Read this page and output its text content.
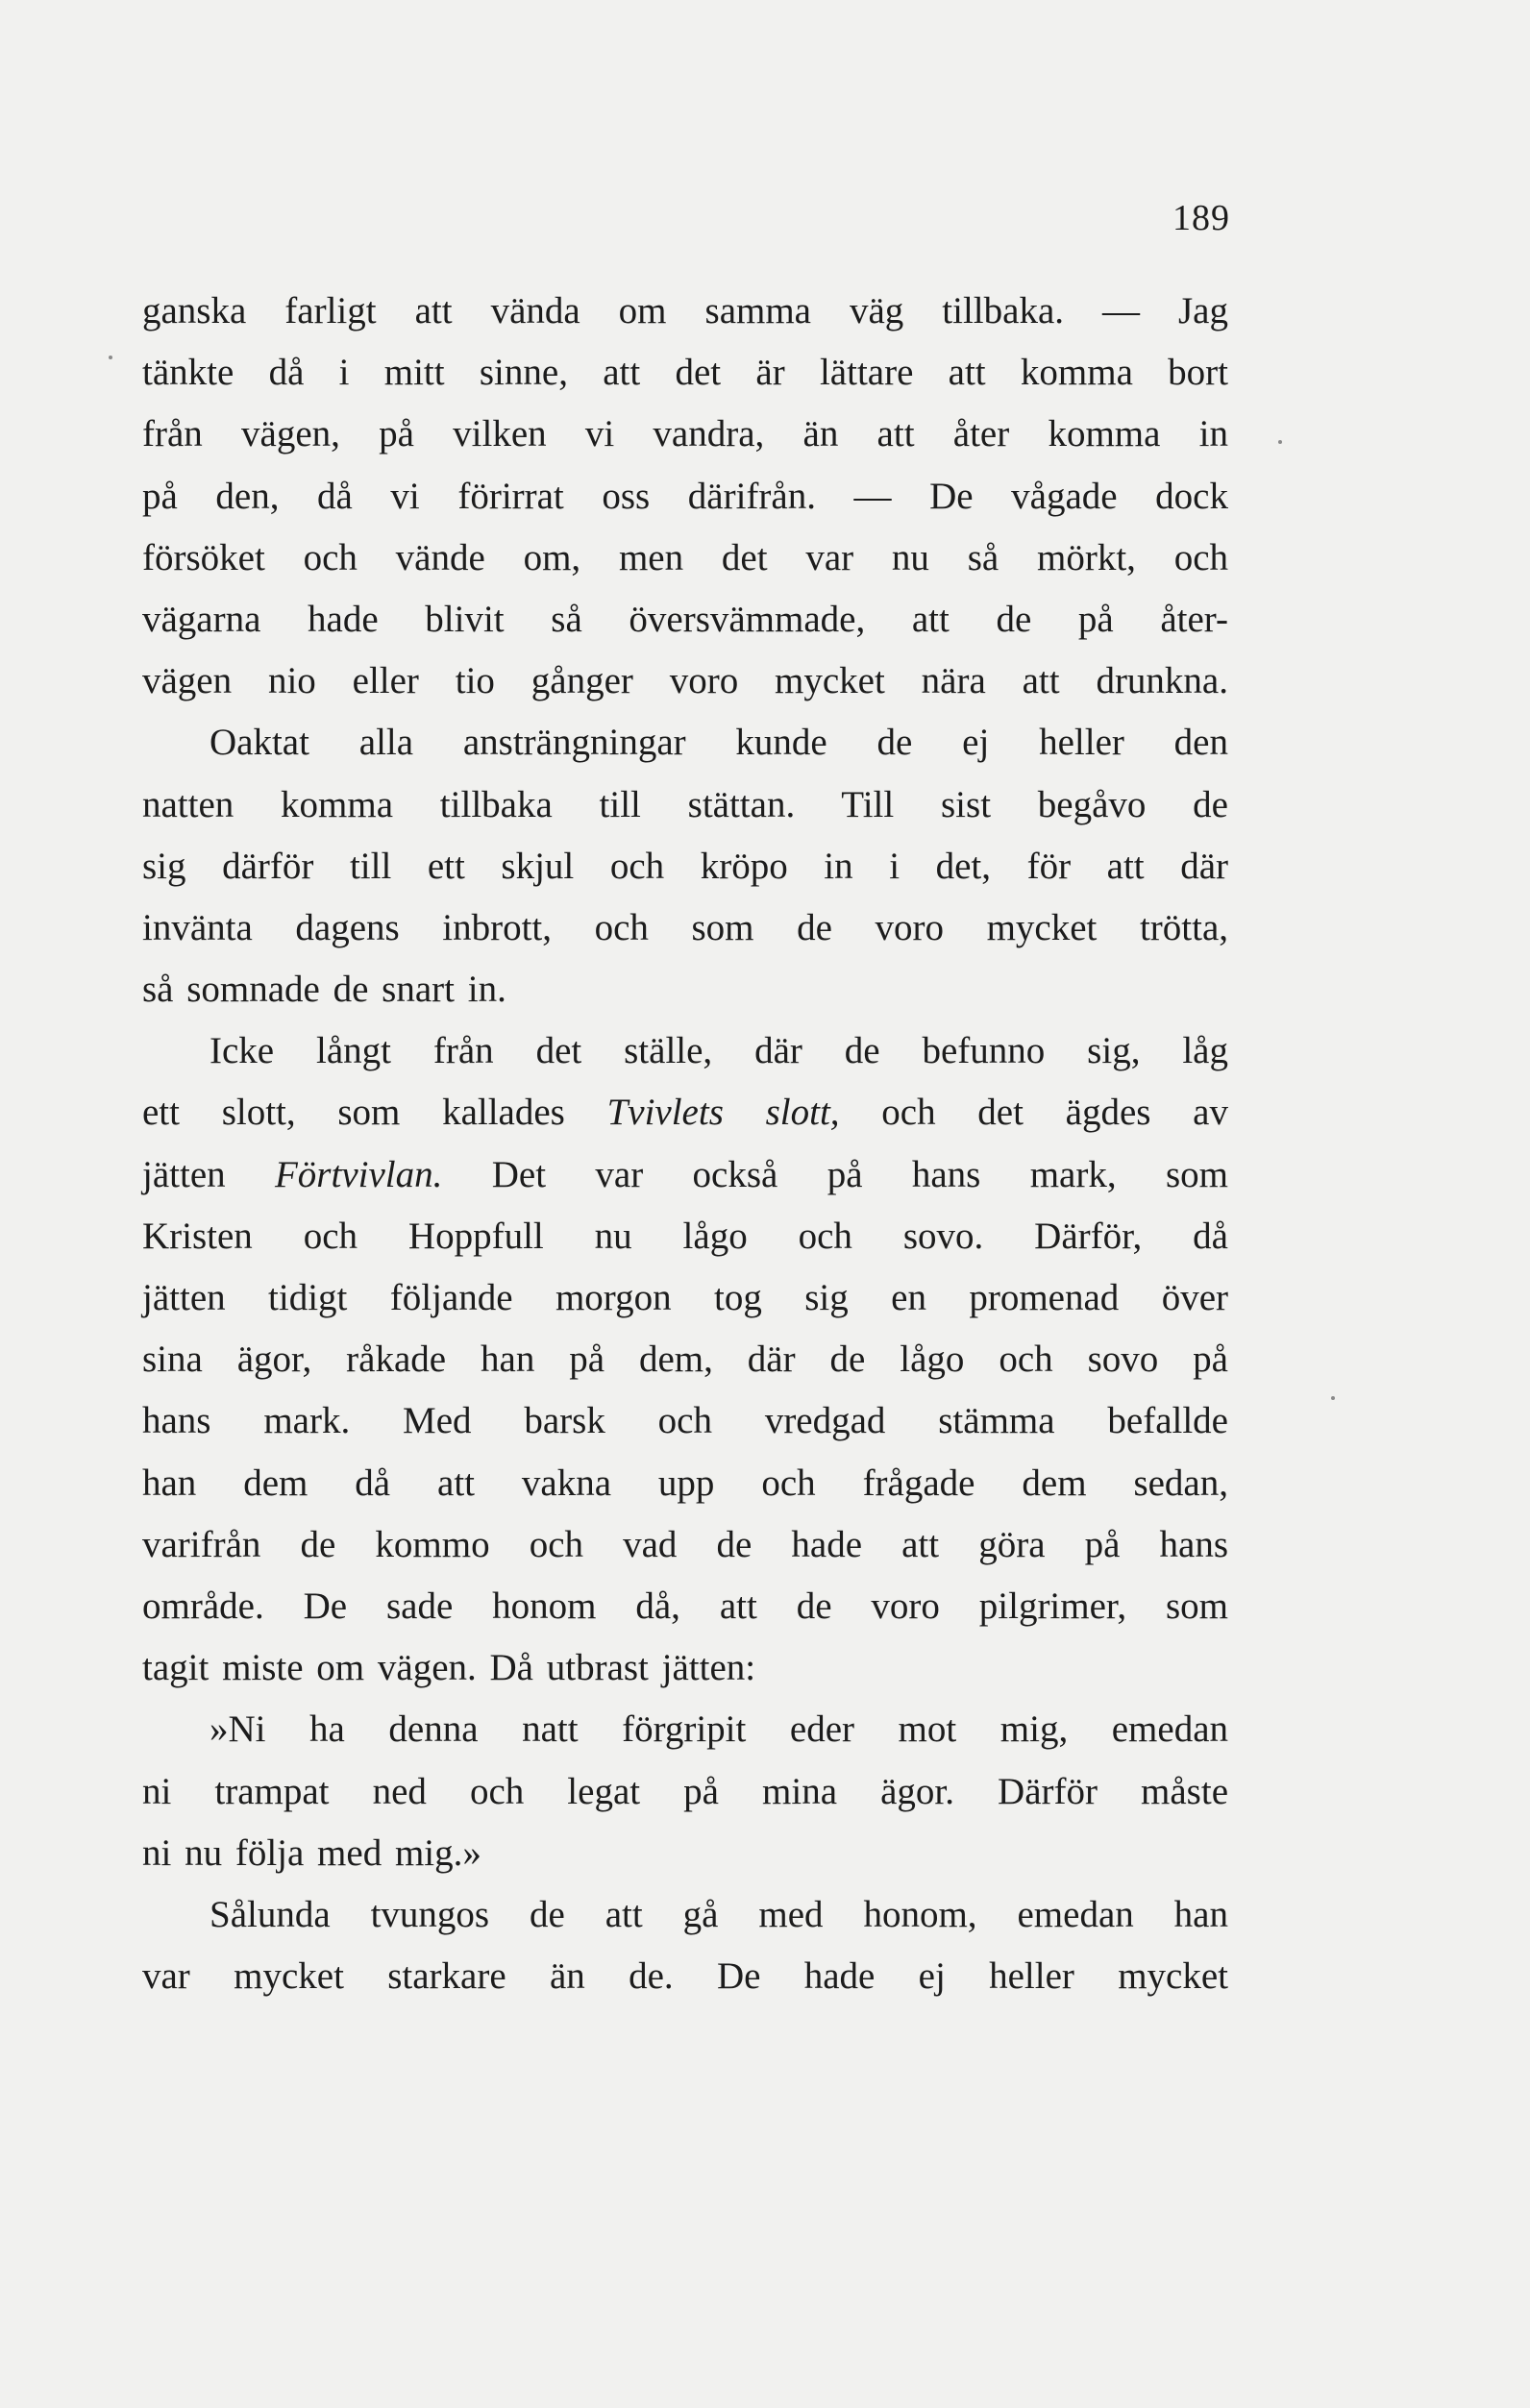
189
ganska farligt att vända om samma väg tillbaka. — Jag
tänkte då i mitt sinne, att det är lättare att komma bort
från vägen, på vilken vi vandra, än att åter komma in
på den, då vi förirrat oss därifrån. — De vågade dock
försöket och vände om, men det var nu så mörkt, och
vägarna hade blivit så översvämmade, att de på åter-
vägen nio eller tio gånger voro mycket nära att drunkna.
Oaktat alla ansträngningar kunde de ej heller den
natten komma tillbaka till stättan. Till sist begåvo de
sig därför till ett skjul och kröpo in i det, för att där
invänta dagens inbrott, och som de voro mycket trötta,
så somnade de snart in.
Icke långt från det ställe, där de befunno sig, låg
ett slott, som kallades Tvivlets slott, och det ägdes av
jätten Förtvivlan. Det var också på hans mark, som
Kristen och Hoppfull nu lågo och sovo. Därför, då
jätten tidigt följande morgon tog sig en promenad över
sina ägor, råkade han på dem, där de lågo och sovo på
hans mark. Med barsk och vredgad stämma befallde
han dem då att vakna upp och frågade dem sedan,
varifrån de kommo och vad de hade att göra på hans
område. De sade honom då, att de voro pilgrimer, som
tagit miste om vägen. Då utbrast jätten:
»Ni ha denna natt förgripit eder mot mig, emedan
ni trampat ned och legat på mina ägor. Därför måste
ni nu följa med mig.»
Sålunda tvungos de att gå med honom, emedan han
var mycket starkare än de. De hade ej heller mycket
